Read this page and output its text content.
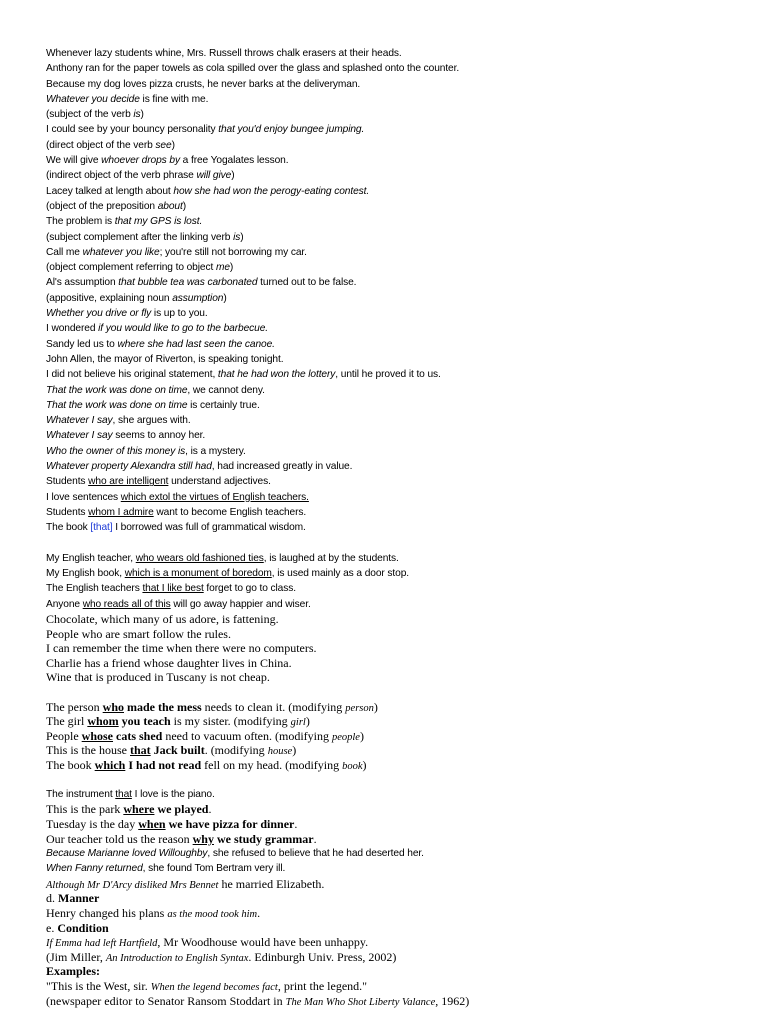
Whenever lazy students whine, Mrs. Russell throws chalk erasers at their heads.
Anthony ran for the paper towels as cola spilled over the glass and splashed onto the counter.
Because my dog loves pizza crusts, he never barks at the deliveryman.
Whatever you decide is fine with me.
(subject of the verb is)
I could see by your bouncy personality that you'd enjoy bungee jumping.
(direct object of the verb see)
We will give whoever drops by a free Yogalates lesson.
(indirect object of the verb phrase will give)
Lacey talked at length about how she had won the perogy-eating contest.
(object of the preposition about)
The problem is that my GPS is lost.
(subject complement after the linking verb is)
Call me whatever you like; you're still not borrowing my car.
(object complement referring to object me)
Al's assumption that bubble tea was carbonated turned out to be false.
(appositive, explaining noun assumption)
Whether you drive or fly is up to you.
I wondered if you would like to go to the barbecue.
Sandy led us to where she had last seen the canoe.
John Allen, the mayor of Riverton, is speaking tonight.
I did not believe his original statement, that he had won the lottery, until he proved it to us.
That the work was done on time, we cannot deny.
That the work was done on time is certainly true.
Whatever I say, she argues with.
Whatever I say seems to annoy her.
Who the owner of this money is, is a mystery.
Whatever property Alexandra still had, had increased greatly in value.
Students who are intelligent understand adjectives.
I love sentences which extol the virtues of English teachers.
Students whom I admire want to become English teachers.
The book [that] I borrowed was full of grammatical wisdom.
My English teacher, who wears old fashioned ties, is laughed at by the students.
My English book, which is a monument of boredom, is used mainly as a door stop.
The English teachers that I like best forget to go to class.
Anyone who reads all of this will go away happier and wiser.
Chocolate, which many of us adore, is fattening.
People who are smart follow the rules.
I can remember the time when there were no computers.
Charlie has a friend whose daughter lives in China.
Wine that is produced in Tuscany is not cheap.
The person who made the mess needs to clean it. (modifying person)
The girl whom you teach is my sister. (modifying girl)
People whose cats shed need to vacuum often. (modifying people)
This is the house that Jack built. (modifying house)
The book which I had not read fell on my head. (modifying book)
The instrument that I love is the piano.
This is the park where we played.
Tuesday is the day when we have pizza for dinner.
Our teacher told us the reason why we study grammar.
Because Marianne loved Willoughby, she refused to believe that he had deserted her.
When Fanny returned, she found Tom Bertram very ill.
Although Mr D'Arcy disliked Mrs Bennet he married Elizabeth.
d. Manner
Henry changed his plans as the mood took him.
e. Condition
If Emma had left Hartfield, Mr Woodhouse would have been unhappy.
(Jim Miller, An Introduction to English Syntax. Edinburgh Univ. Press, 2002)
Examples:
"This is the West, sir. When the legend becomes fact, print the legend."
(newspaper editor to Senator Ransom Stoddart in The Man Who Shot Liberty Valance, 1962)
